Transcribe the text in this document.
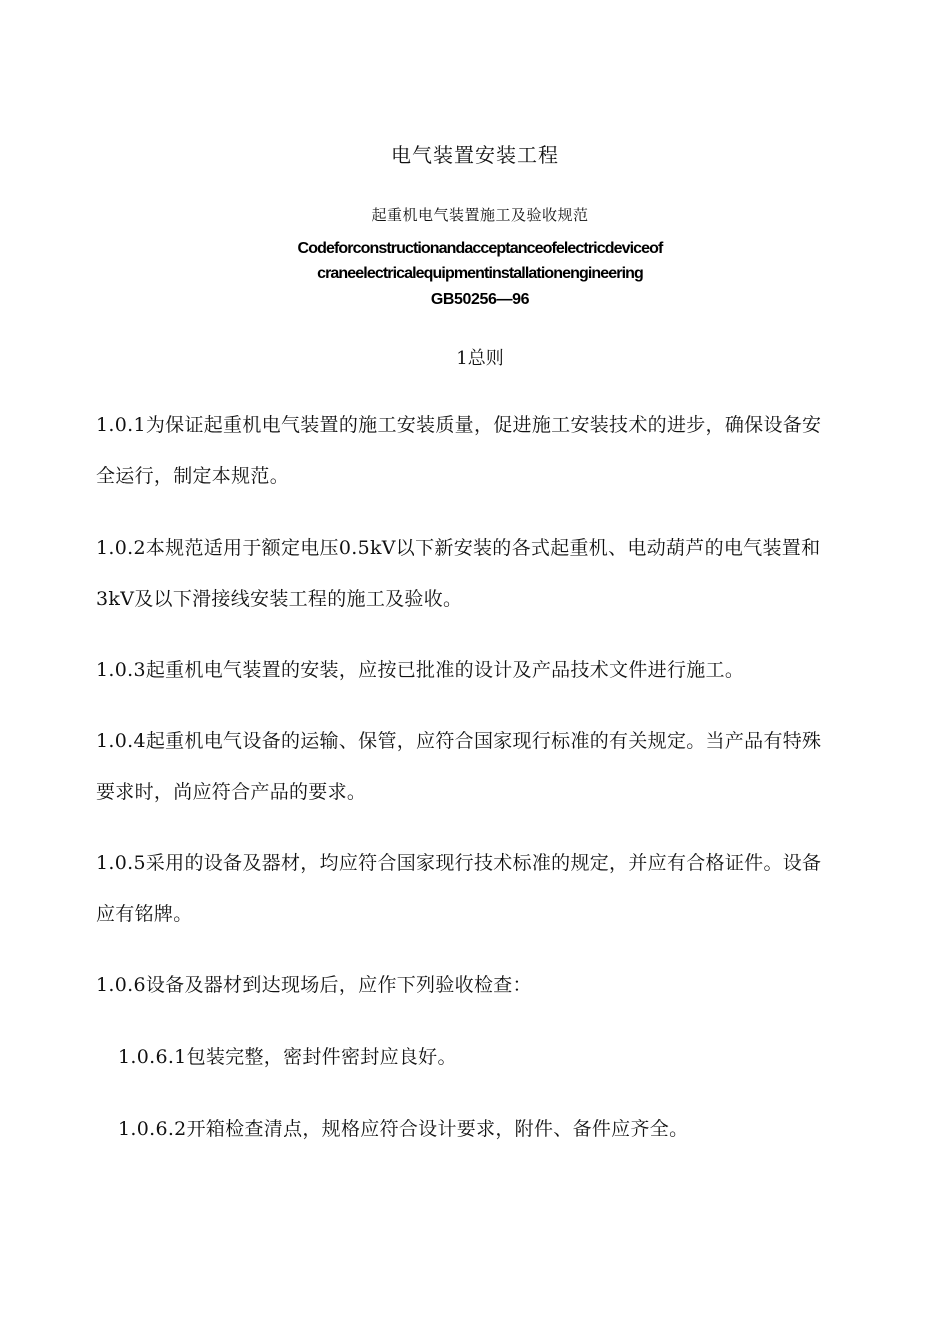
电气装置安装工程
起重机电气装置施工及验收规范
Codeforconstructionandacceptanceofelectricdeviceof
craneelectricalequipmentinstallationengineering
GB50256—96
1总则

1.0.1为保证起重机电气装置的施工安装质量，促进施工安装技术的进步，确保设备安全运行，制定本规范。

1.0.2本规范适用于额定电压0.5kV以下新安装的各式起重机、电动葫芦的电气装置和3kV及以下滑接线安装工程的施工及验收。

1.0.3起重机电气装置的安装，应按已批准的设计及产品技术文件进行施工。

1.0.4起重机电气设备的运输、保管，应符合国家现行标准的有关规定。当产品有特殊要求时，尚应符合产品的要求。

1.0.5采用的设备及器材，均应符合国家现行技术标准的规定，并应有合格证件。设备应有铭牌。

1.0.6设备及器材到达现场后，应作下列验收检查：

1.0.6.1包装完整，密封件密封应良好。

1.0.6.2开箱检查清点，规格应符合设计要求，附件、备件应齐全。
